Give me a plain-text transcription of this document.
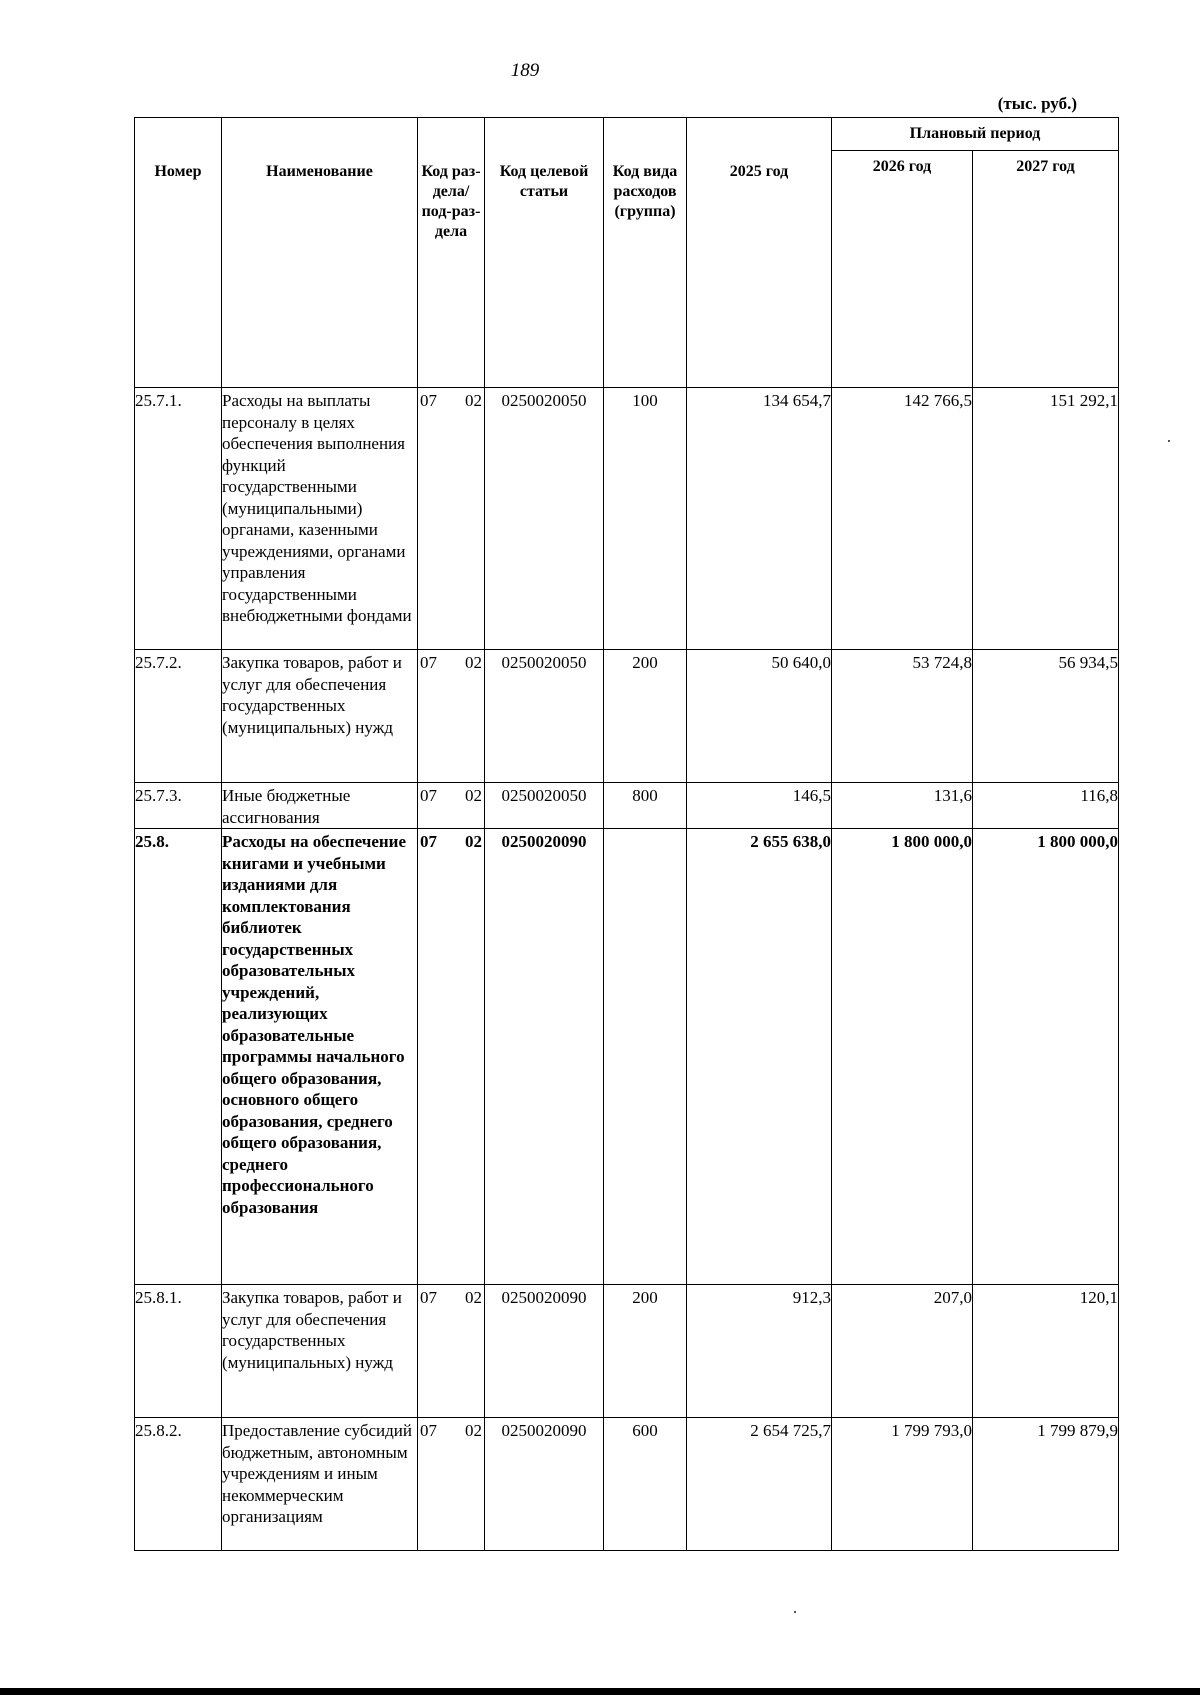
189
(тыс. руб.)
Номер	Наименование	Код раз-дела/ под-раз-дела	Код целевой статьи	Код вида расходов (группа)	2025 год	Плановый период	
						2026 год	2027 год
25.7.1.	Расходы на выплаты персоналу в целях обеспечения выполнения функций государственными (муниципальными) органами, казенными учреждениями, органами управления государственными внебюджетными фондами	07 02	0250020050	100	134 654,7	142 766,5	151 292,1
25.7.2.	Закупка товаров, работ и услуг для обеспечения государственных (муниципальных) нужд	07 02	0250020050	200	50 640,0	53 724,8	56 934,5
25.7.3.	Иные бюджетные ассигнования	07 02	0250020050	800	146,5	131,6	116,8
25.8.	Расходы на обеспечение книгами и учебными изданиями для комплектования библиотек государственных образовательных учреждений, реализующих образовательные программы начального общего образования, основного общего образования, среднего общего образования, среднего профессионального образования	07 02	0250020090		2 655 638,0	1 800 000,0	1 800 000,0
25.8.1.	Закупка товаров, работ и услуг для обеспечения государственных (муниципальных) нужд	07 02	0250020090	200	912,3	207,0	120,1
25.8.2.	Предоставление субсидий бюджетным, автономным учреждениям и иным некоммерческим организациям	07 02	0250020090	600	2 654 725,7	1 799 793,0	1 799 879,9
